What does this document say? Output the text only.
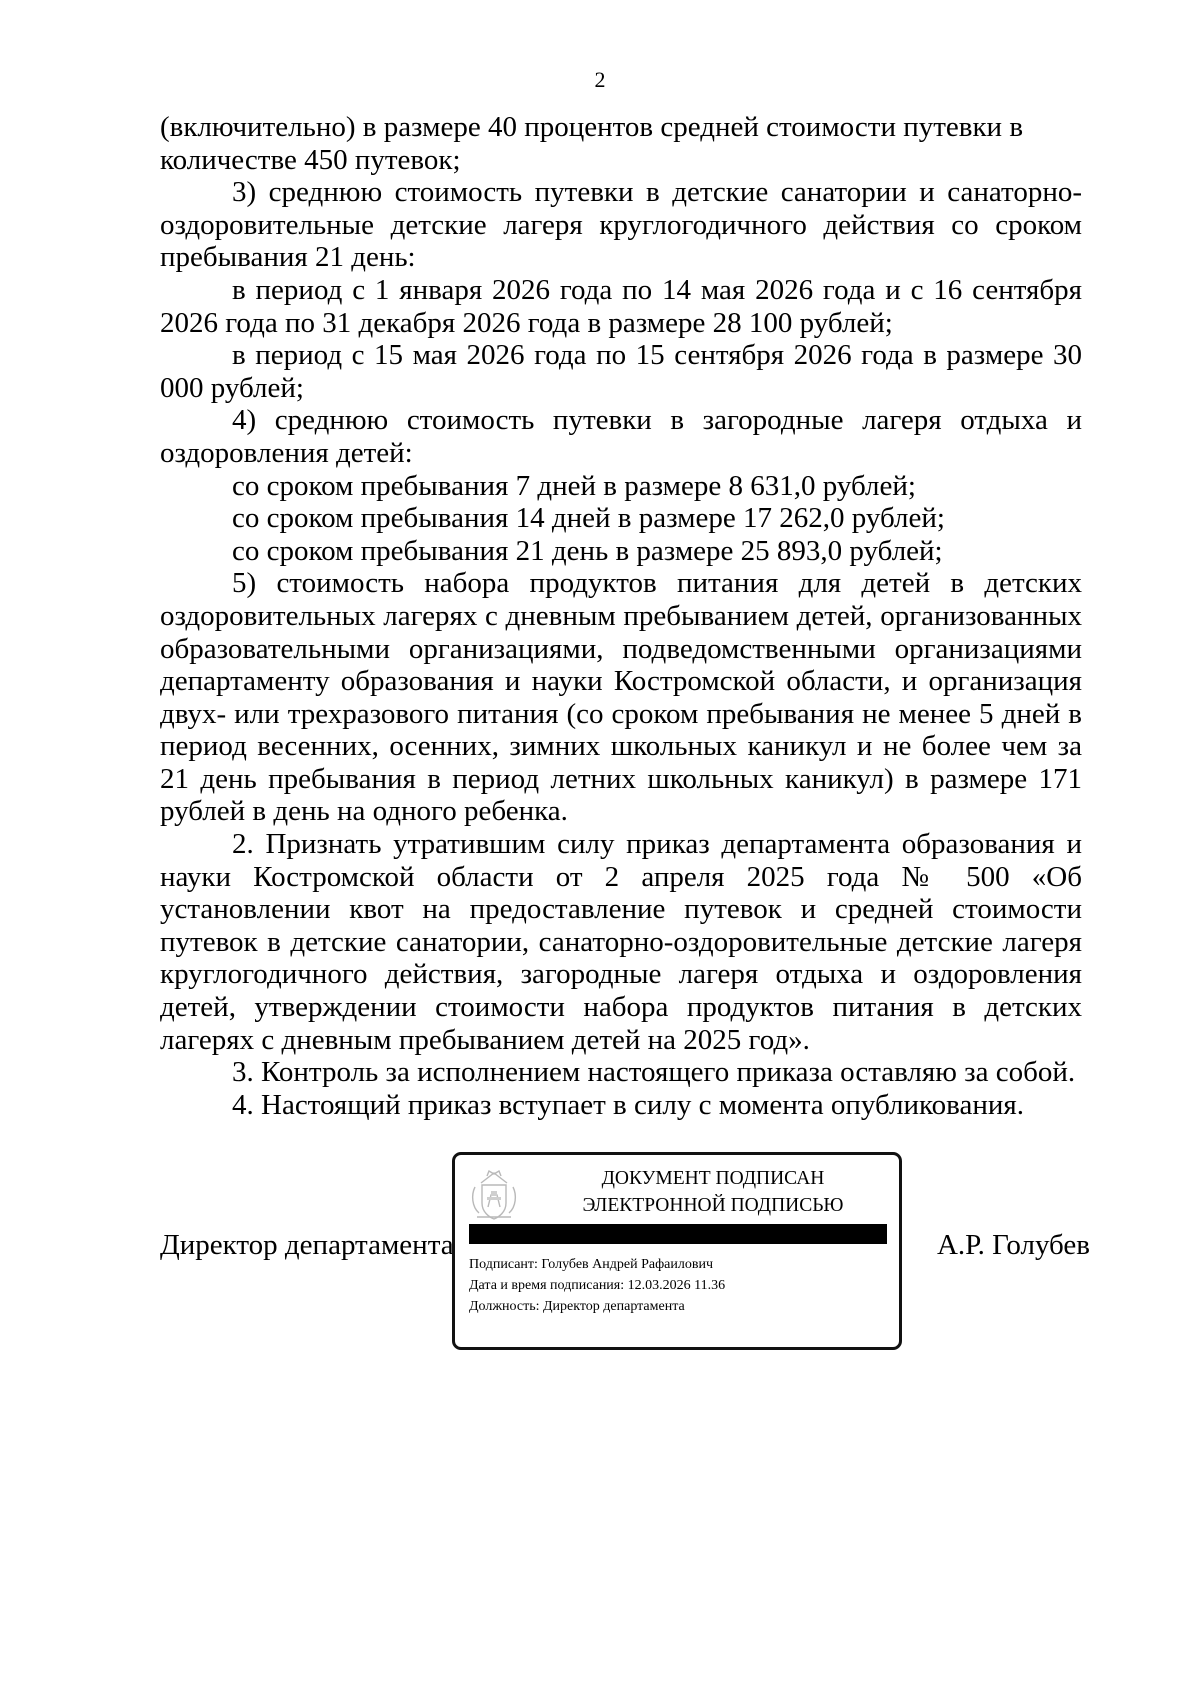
2

(включительно) в размере 40 процентов средней стоимости путевки в количестве 450 путевок;

3) среднюю стоимость путевки в детские санатории и санаторно-оздоровительные детские лагеря круглогодичного действия со сроком пребывания 21 день:

в период с 1 января 2026 года по 14 мая 2026 года и с 16 сентября 2026 года по 31 декабря 2026 года в размере 28 100 рублей;

в период с 15 мая 2026 года по 15 сентября 2026 года в размере 30 000 рублей;

4) среднюю стоимость путевки в загородные лагеря отдыха и оздоровления детей:

со сроком пребывания 7 дней в размере 8 631,0 рублей;

со сроком пребывания 14 дней в размере 17 262,0 рублей;

со сроком пребывания 21 день в размере 25 893,0 рублей;

5) стоимость набора продуктов питания для детей в детских оздоровительных лагерях с дневным пребыванием детей, организованных образовательными организациями, подведомственными организациями департаменту образования и науки Костромской области, и организация двух- или трехразового питания (со сроком пребывания не менее 5 дней в период весенних, осенних, зимних школьных каникул и не более чем за 21 день пребывания в период летних школьных каникул) в размере 171 рублей в день на одного ребенка.

2. Признать утратившим силу приказ департамента образования и науки Костромской области от 2 апреля 2025 года № 500 «Об установлении квот на предоставление путевок и средней стоимости путевок в детские санатории, санаторно-оздоровительные детские лагеря круглогодичного действия, загородные лагеря отдыха и оздоровления детей, утверждении стоимости набора продуктов питания в детских лагерях с дневным пребыванием детей на 2025 год».

3. Контроль за исполнением настоящего приказа оставляю за собой.

4. Настоящий приказ вступает в силу с момента опубликования.

Директор департамента
ДОКУМЕНТ ПОДПИСАН
ЭЛЕКТРОННОЙ ПОДПИСЬЮ
Подписант: Голубев Андрей Рафаилович
Дата и время подписания: 12.03.2026 11.36
Должность: Директор департамента
А.Р. Голубев
